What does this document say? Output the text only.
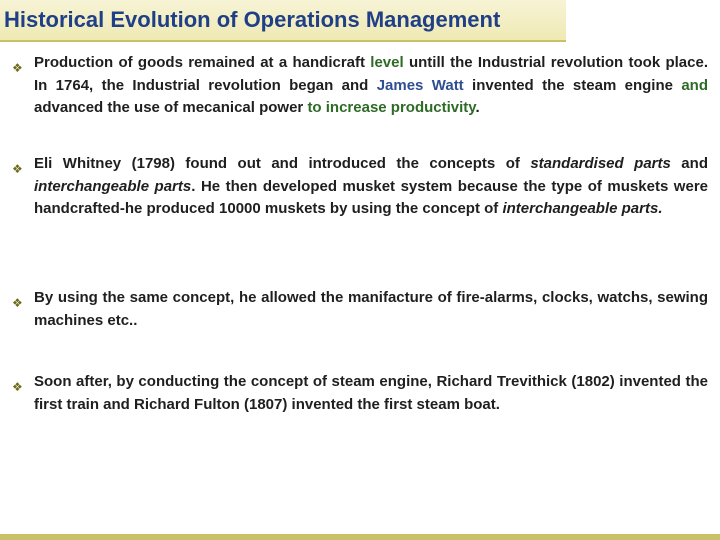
Historical Evolution of Operations Management
❖ Production of goods remained at a handicraft level untill the Industrial revolution took place. In 1764, the Industrial revolution began and James Watt invented the steam engine and advanced the use of mecanical power to increase productivity.
❖ Eli Whitney (1798) found out and introduced the concepts of standardised parts and interchangeable parts. He then developed musket system because the type of muskets were handcrafted-he produced 10000 muskets by using the concept of interchangeable parts.
❖ By using the same concept, he allowed the manifacture of fire-alarms, clocks, watchs, sewing machines etc..
❖ Soon after, by conducting the concept of steam engine, Richard Trevithick (1802) invented the first train and Richard Fulton (1807) invented the first steam boat.
